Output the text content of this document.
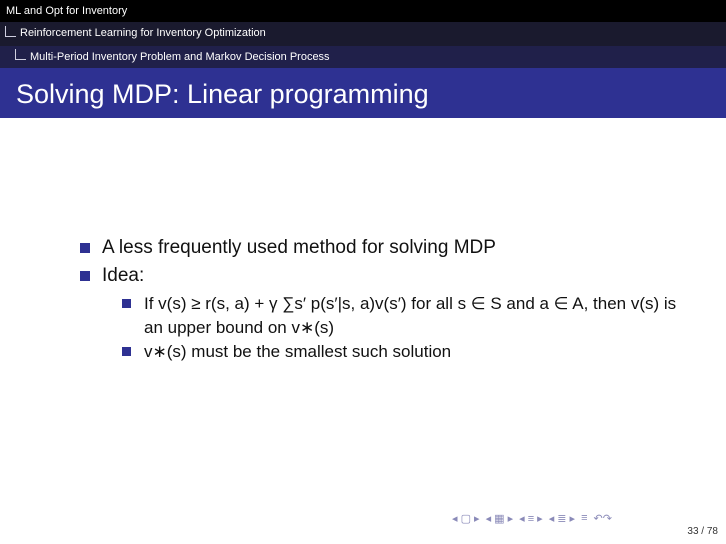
ML and Opt for Inventory
Reinforcement Learning for Inventory Optimization
Multi-Period Inventory Problem and Markov Decision Process
Solving MDP: Linear programming
A less frequently used method for solving MDP
Idea:
If v(s) ≥ r(s, a) + γ ∑s′ p(s′|s, a)v(s′) for all s ∈ S and a ∈ A, then v(s) is an upper bound on v∗(s)
v∗(s) must be the smallest such solution
◂ ▢ ▸ ◂ ▦ ▸ ◂ ≡ ▸ ◂ ≣ ▸ ≡ ↶↷
33 / 78
